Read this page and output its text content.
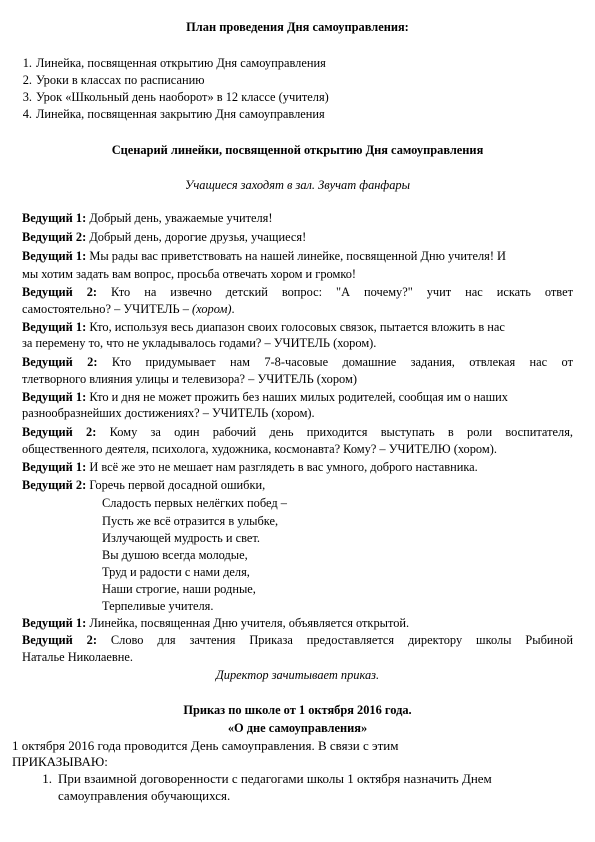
План проведения Дня самоуправления:
1. Линейка, посвященная открытию Дня самоуправления
2. Уроки в классах по расписанию
3. Урок «Школьный день наоборот» в 12 классе (учителя)
4. Линейка, посвященная закрытию Дня самоуправления
Сценарий линейки, посвященной открытию Дня самоуправления
Учащиеся заходят в зал. Звучат фанфары
Ведущий 1: Добрый день, уважаемые учителя!
Ведущий 2: Добрый день, дорогие друзья, учащиеся!
Ведущий 1: Мы рады вас приветствовать на нашей линейке, посвященной Дню учителя! И
мы хотим задать вам вопрос, просьба отвечать хором и громко!
Ведущий 2: Кто на извечно детский вопрос: "А почему?" учит нас искать ответ
самостоятельно? – УЧИТЕЛЬ – (хором).
Ведущий 1: Кто, используя весь диапазон своих голосовых связок, пытается вложить в нас
за перемену то, что не укладывалось годами? – УЧИТЕЛЬ (хором).
Ведущий 2: Кто придумывает нам 7-8-часовые домашние задания, отвлекая нас от
тлетворного влияния улицы и телевизора? – УЧИТЕЛЬ (хором)
Ведущий 1: Кто и дня не может прожить без наших милых родителей, сообщая им о наших
разнообразнейших достижениях? – УЧИТЕЛЬ (хором).
Ведущий 2: Кому за один рабочий день приходится выступать в роли воспитателя,
общественного деятеля, психолога, художника, космонавта? Кому? – УЧИТЕЛЮ (хором).
Ведущий 1: И всё же это не мешает нам разглядеть в вас умного, доброго наставника.
Ведущий 2: Горечь первой досадной ошибки,
Сладость первых нелёгких побед –
Пусть же всё отразится в улыбке,
Излучающей мудрость и свет.
Вы душою всегда молодые,
Труд и радости с нами деля,
Наши строгие, наши родные,
Терпеливые учителя.
Ведущий 1: Линейка, посвященная Дню учителя, объявляется открытой.
Ведущий 2: Слово для зачтения Приказа предоставляется директору школы Рыбиной
Наталье Николаевне.
Директор зачитывает приказ.
Приказ по школе от 1 октября 2016 года.
«О дне самоуправления»
1 октября 2016 года проводится День самоуправления. В связи с этим
ПРИКАЗЫВАЮ:
1. При взаимной договоренности с педагогами школы 1 октября назначить Днем
самоуправления обучающихся.
